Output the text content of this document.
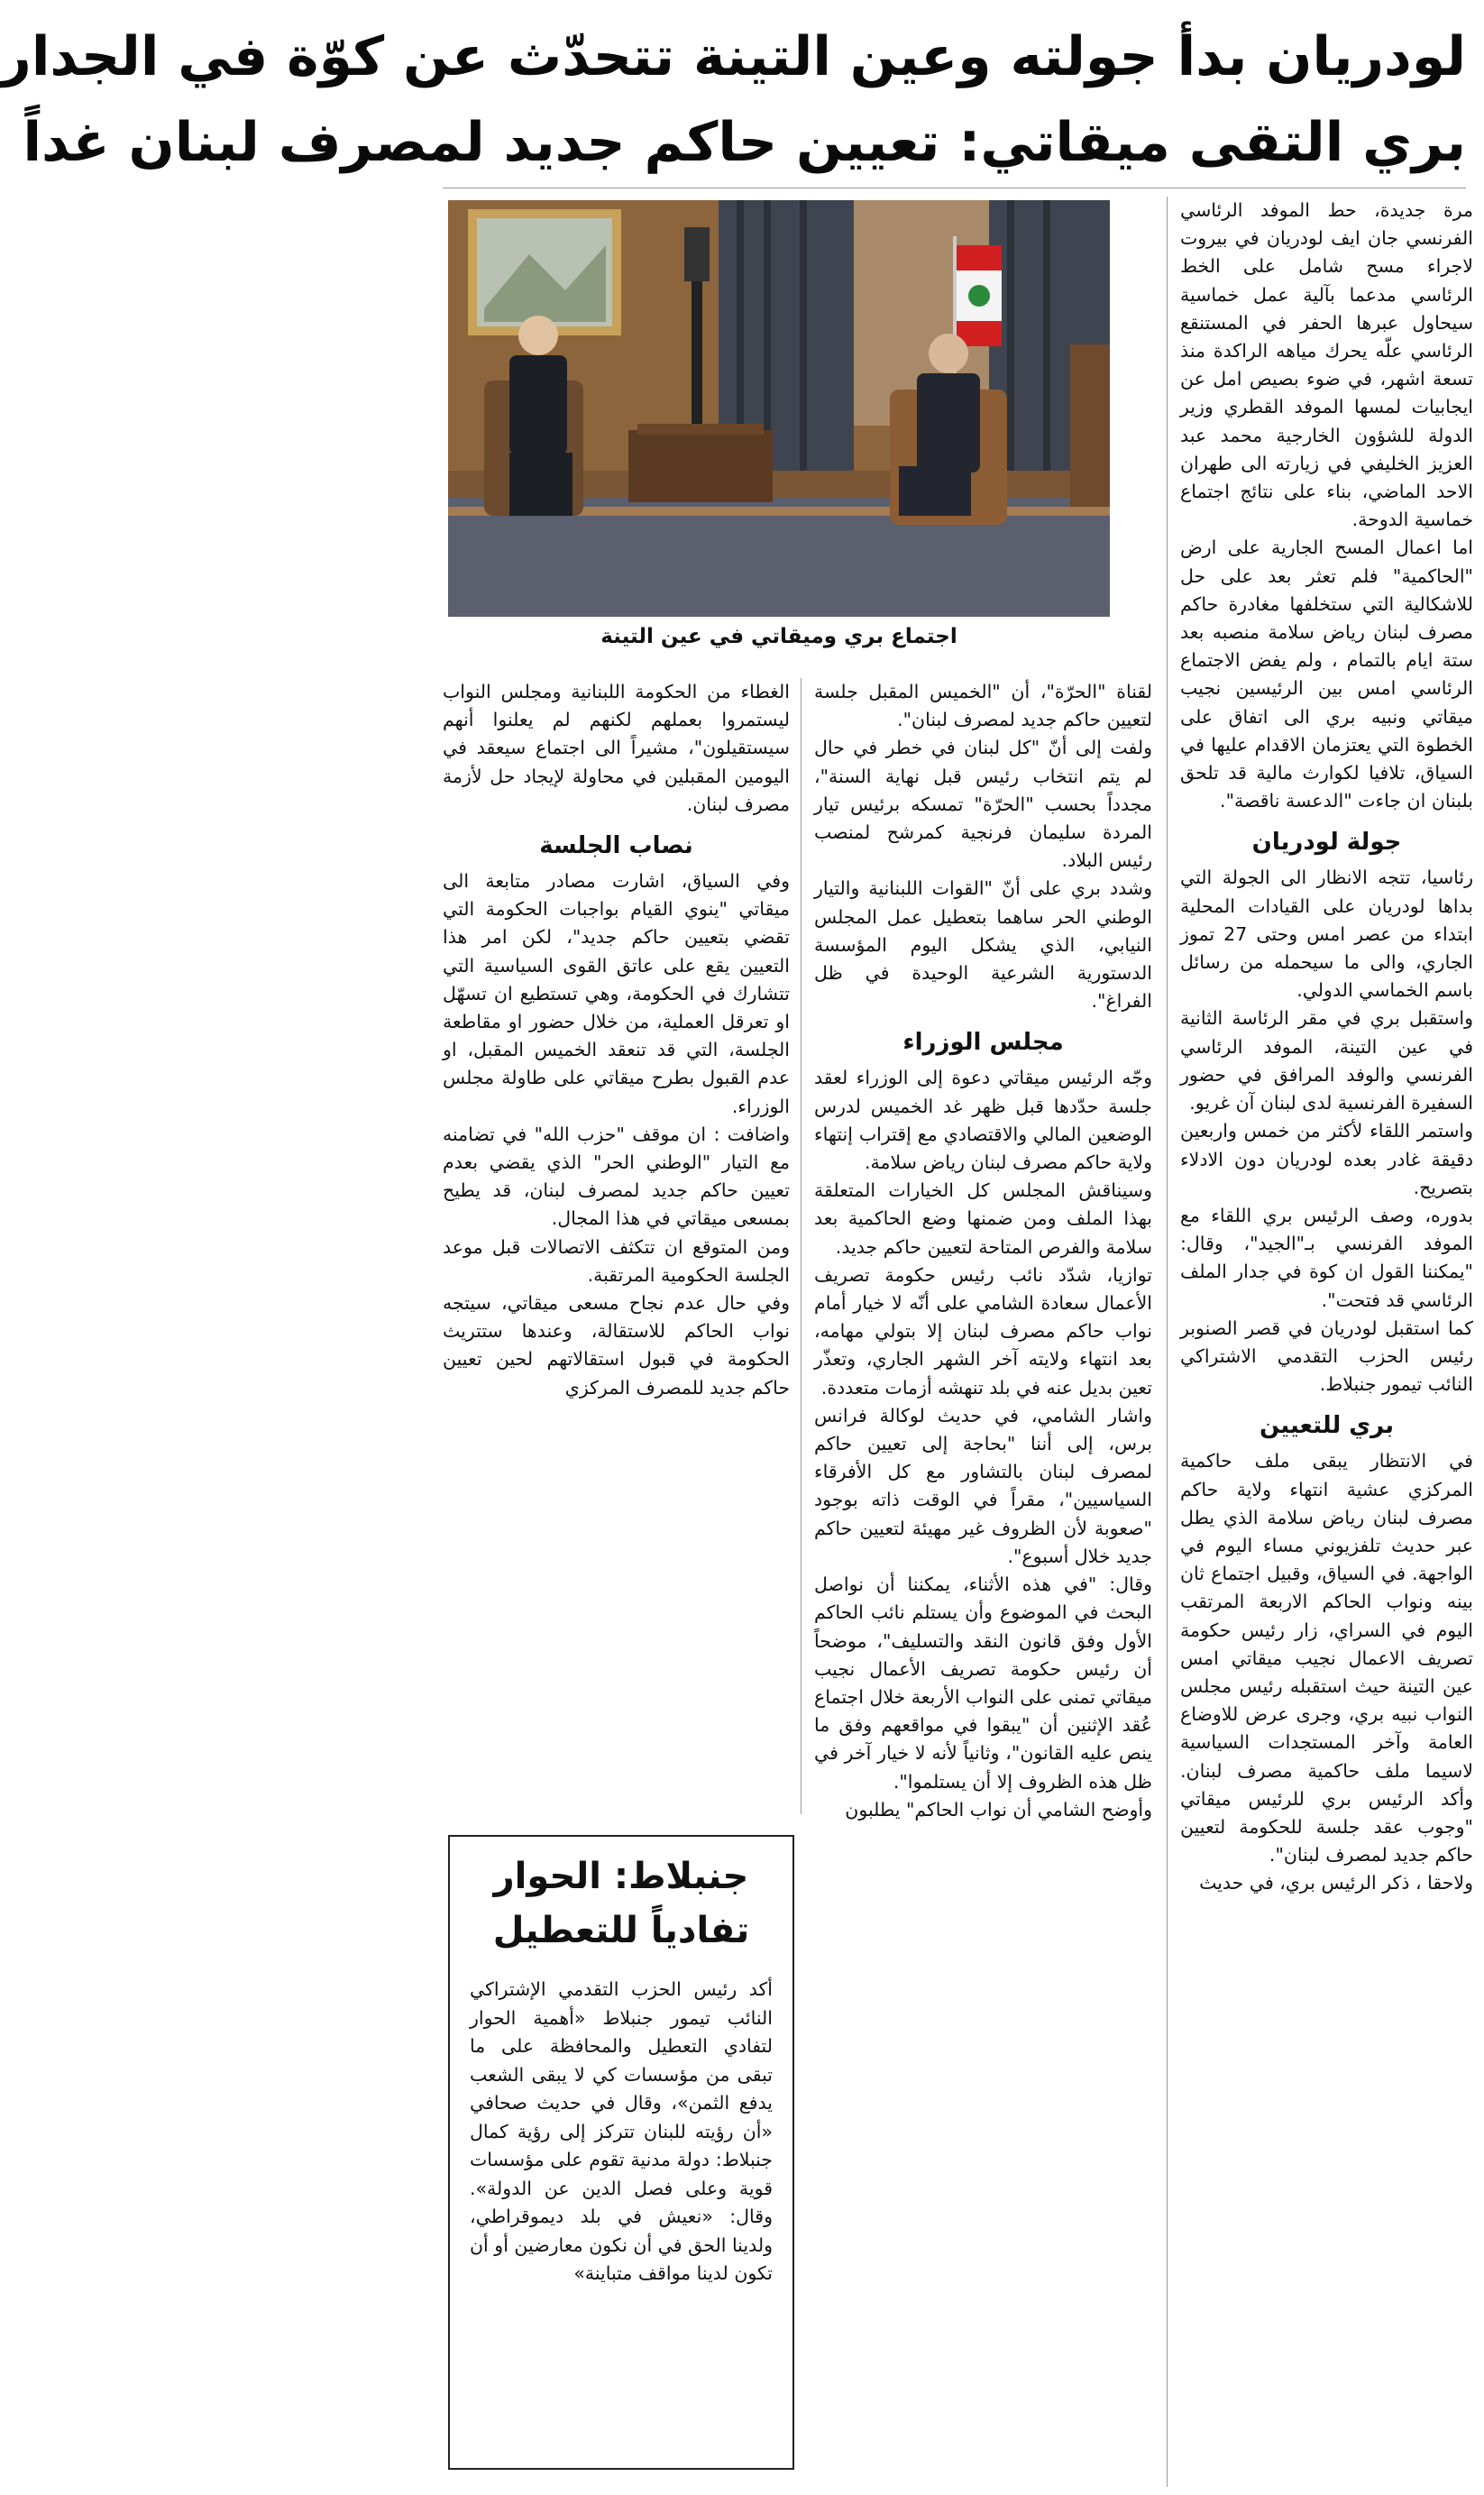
لودريان بدأ جولته وعين التينة تتحدّث عن كوّة في الجدار
بري التقى ميقاتي: تعيين حاكم جديد لمصرف لبنان غداً
اجتماع بري وميقاتي في عين التينة

مرة جديدة، حط الموفد الرئاسي الفرنسي جان ايف لودريان في بيروت لاجراء مسح شامل على الخط الرئاسي مدعما بآلية عمل خماسية سيحاول عبرها الحفر في المستنقع الرئاسي علّه يحرك مياهه الراكدة منذ تسعة اشهر، في ضوء بصيص امل عن ايجابيات لمسها الموفد القطري وزير الدولة للشؤون الخارجية محمد عبد العزيز الخليفي في زيارته الى طهران الاحد الماضي، بناء على نتائج اجتماع خماسية الدوحة.

اما اعمال المسح الجارية على ارض "الحاكمية" فلم تعثر بعد على حل للاشكالية التي ستخلفها مغادرة حاكم مصرف لبنان رياض سلامة منصبه بعد ستة ايام بالتمام ، ولم يفض الاجتماع الرئاسي امس بين الرئيسين نجيب ميقاتي ونبيه بري الى اتفاق على الخطوة التي يعتزمان الاقدام عليها في السياق، تلافيا لكوارث مالية قد تلحق بلبنان ان جاءت "الدعسة ناقصة".

جولة لودريان

رئاسيا، تتجه الانظار الى الجولة التي بداها لودريان على القيادات المحلية ابتداء من عصر امس وحتى 27 تموز الجاري، والى ما سيحمله من رسائل باسم الخماسي الدولي.

واستقبل بري في مقر الرئاسة الثانية في عين التينة، الموفد الرئاسي الفرنسي والوفد المرافق في حضور السفيرة الفرنسية لدى لبنان آن غريو.

واستمر اللقاء لأكثر من خمس واربعين دقيقة غادر بعده لودريان دون الادلاء بتصريح.

بدوره، وصف الرئيس بري اللقاء مع الموفد الفرنسي بـ"الجيد"، وقال: "يمكننا القول ان كوة في جدار الملف الرئاسي قد فتحت".

كما استقبل لودريان في قصر الصنوبر رئيس الحزب التقدمي الاشتراكي النائب تيمور جنبلاط.

بري للتعيين

في الانتظار يبقى ملف حاكمية المركزي عشية انتهاء ولاية حاكم مصرف لبنان رياض سلامة الذي يطل عبر حديث تلفزيوني مساء اليوم في الواجهة. في السياق، وقبيل اجتماع ثان بينه ونواب الحاكم الاربعة المرتقب اليوم في السراي، زار رئيس حكومة تصريف الاعمال نجيب ميقاتي امس عين التينة حيث استقبله رئيس مجلس النواب نبيه بري، وجرى عرض للاوضاع العامة وآخر المستجدات السياسية لاسيما ملف حاكمية مصرف لبنان. وأكد الرئيس بري للرئيس ميقاتي "وجوب عقد جلسة للحكومة لتعيين حاكم جديد لمصرف لبنان".

ولاحقا ، ذكر الرئيس بري، في حديث

لقناة "الحرّة"، أن "الخميس المقبل جلسة لتعيين حاكم جديد لمصرف لبنان".

ولفت إلى أنّ "كل لبنان في خطر في حال لم يتم انتخاب رئيس قبل نهاية السنة"، مجدداً بحسب "الحرّة" تمسكه برئيس تيار المردة سليمان فرنجية كمرشح لمنصب رئيس البلاد.

وشدد بري على أنّ "القوات اللبنانية والتيار الوطني الحر ساهما بتعطيل عمل المجلس النيابي، الذي يشكل اليوم المؤسسة الدستورية الشرعية الوحيدة في ظل الفراغ".

مجلس الوزراء

وجّه الرئيس ميقاتي دعوة إلى الوزراء لعقد جلسة حدّدها قبل ظهر غد الخميس لدرس الوضعين المالي والاقتصادي مع إقتراب إنتهاء ولاية حاكم مصرف لبنان رياض سلامة.

وسيناقش المجلس كل الخيارات المتعلقة بهذا الملف ومن ضمنها وضع الحاكمية بعد سلامة والفرص المتاحة لتعيين حاكم جديد.

توازيا، شدّد نائب رئيس حكومة تصريف الأعمال سعادة الشامي على أنّه لا خيار أمام نواب حاكم مصرف لبنان إلا بتولي مهامه، بعد انتهاء ولايته آخر الشهر الجاري، وتعذّر تعين بديل عنه في بلد تنهشه أزمات متعددة.

واشار الشامي، في حديث لوكالة فرانس برس، إلى أننا "بحاجة إلى تعيين حاكم لمصرف لبنان بالتشاور مع كل الأفرقاء السياسيين"، مقراً في الوقت ذاته بوجود "صعوبة لأن الظروف غير مهيئة لتعيين حاكم جديد خلال أسبوع".

وقال: "في هذه الأثناء، يمكننا أن نواصل البحث في الموضوع وأن يستلم نائب الحاكم الأول وفق قانون النقد والتسليف"، موضحاً أن رئيس حكومة تصريف الأعمال نجيب ميقاتي تمنى على النواب الأربعة خلال اجتماع عُقد الإثنين أن "يبقوا في مواقعهم وفق ما ينص عليه القانون"، وثانياً لأنه لا خيار آخر في ظل هذه الظروف إلا أن يستلموا".

وأوضح الشامي أن نواب الحاكم" يطلبون

الغطاء من الحكومة اللبنانية ومجلس النواب ليستمروا بعملهم لكنهم لم يعلنوا أنهم سيستقيلون"، مشيراً الى اجتماع سيعقد في اليومين المقبلين في محاولة لإيجاد حل لأزمة مصرف لبنان.

نصاب الجلسة

وفي السياق، اشارت مصادر متابعة الى ميقاتي "ينوي القيام بواجبات الحكومة التي تقضي بتعيين حاكم جديد"، لكن امر هذا التعيين يقع على عاتق القوى السياسية التي تتشارك في الحكومة، وهي تستطيع ان تسهّل او تعرقل العملية، من خلال حضور او مقاطعة الجلسة، التي قد تنعقد الخميس المقبل، او عدم القبول بطرح ميقاتي على طاولة مجلس الوزراء.

واضافت : ان موقف "حزب الله" في تضامنه مع التيار "الوطني الحر" الذي يقضي بعدم تعيين حاكم جديد لمصرف لبنان، قد يطيح بمسعى ميقاتي في هذا المجال.

ومن المتوقع ان تتكثف الاتصالات قبل موعد الجلسة الحكومية المرتقبة.

وفي حال عدم نجاح مسعى ميقاتي، سيتجه نواب الحاكم للاستقالة، وعندها ستتريث الحكومة في قبول استقالاتهم لحين تعيين حاكم جديد للمصرف المركزي

جنبلاط: الحوار
تفادياً للتعطيل
أكد رئيس الحزب التقدمي الإشتراكي النائب تيمور جنبلاط «أهمية الحوار لتفادي التعطيل والمحافظة على ما تبقى من مؤسسات كي لا يبقى الشعب يدفع الثمن»، وقال في حديث صحافي «أن رؤيته للبنان تتركز إلى رؤية كمال جنبلاط: دولة مدنية تقوم على مؤسسات قوية وعلى فصل الدين عن الدولة». وقال: «نعيش في بلد ديموقراطي، ولدينا الحق في أن نكون معارضين أو أن تكون لدينا مواقف متباينة»
